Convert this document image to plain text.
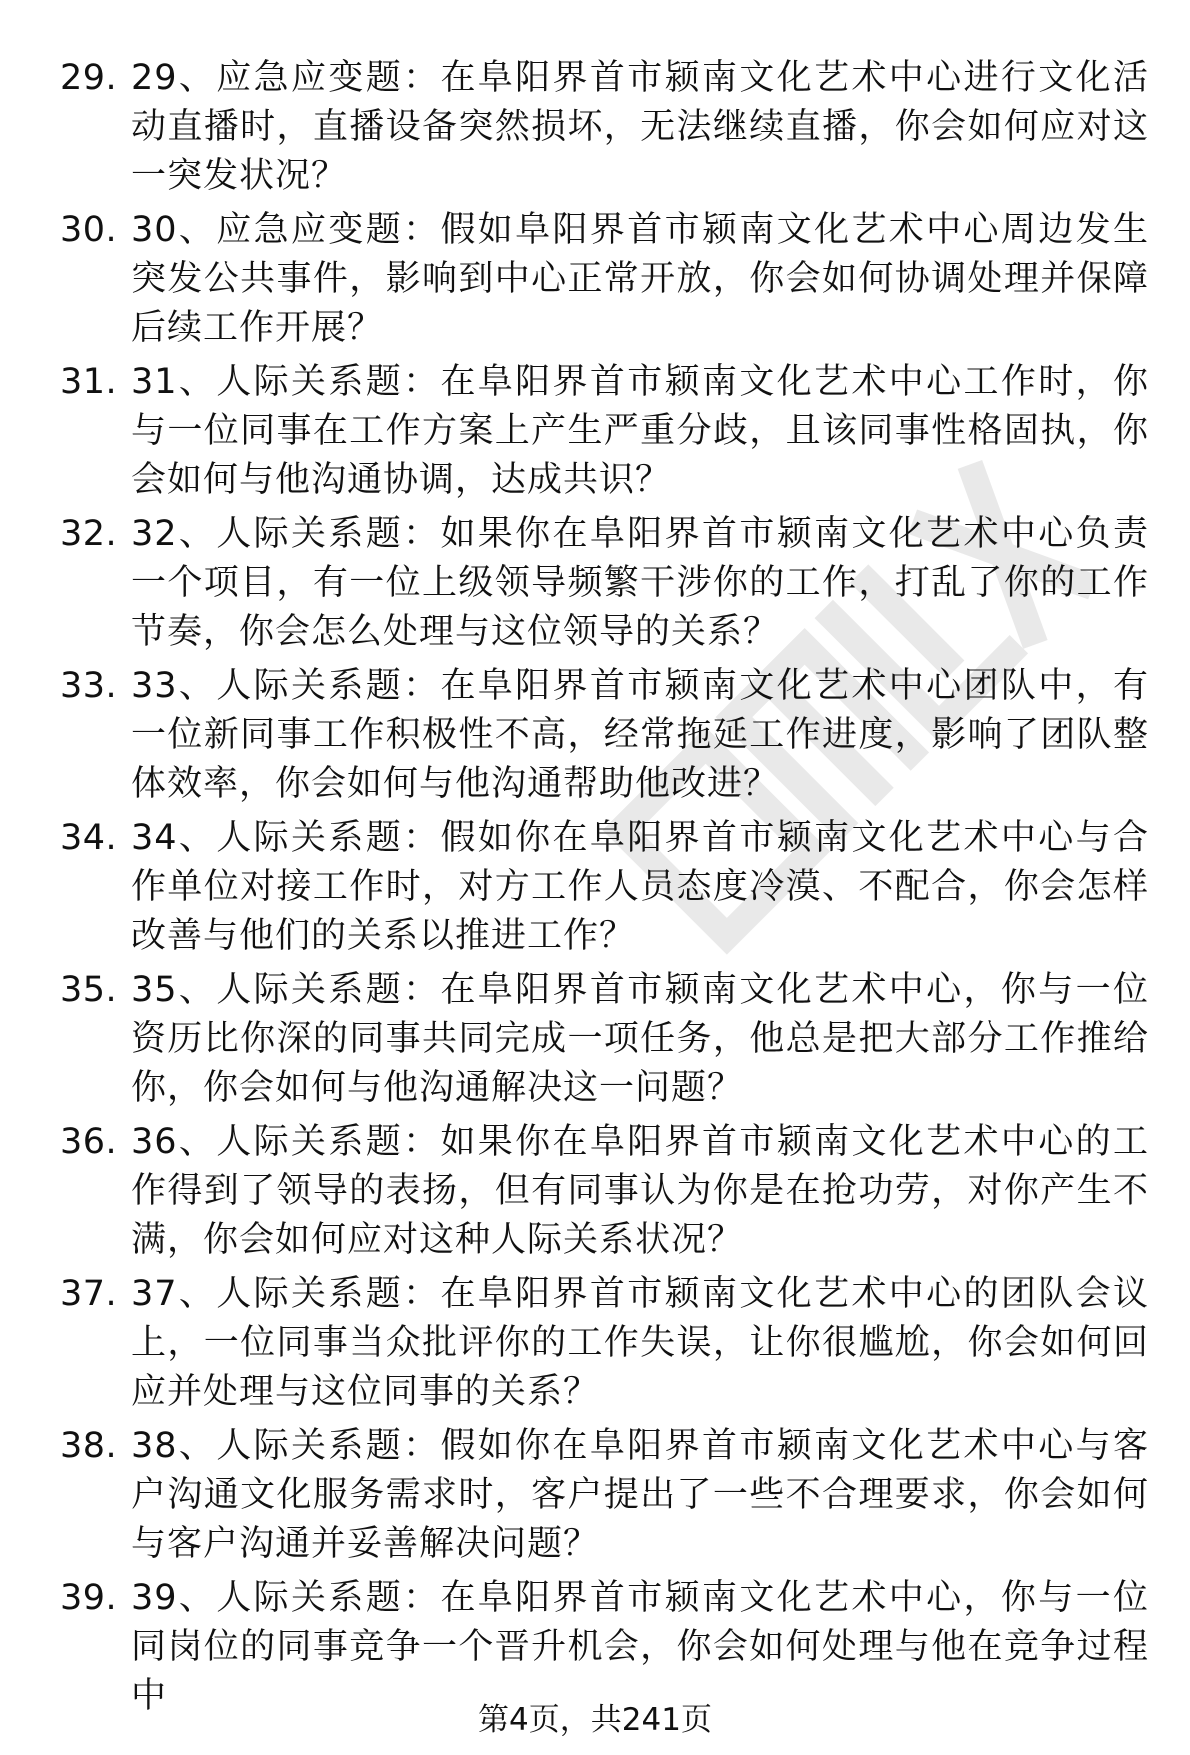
29. 29、应急应变题：在阜阳界首市颍南文化艺术中心进行文化活动直播时，直播设备突然损坏，无法继续直播，你会如何应对这一突发状况？
30. 30、应急应变题：假如阜阳界首市颍南文化艺术中心周边发生突发公共事件，影响到中心正常开放，你会如何协调处理并保障后续工作开展？
31. 31、人际关系题：在阜阳界首市颍南文化艺术中心工作时，你与一位同事在工作方案上产生严重分歧，且该同事性格固执，你会如何与他沟通协调，达成共识？
32. 32、人际关系题：如果你在阜阳界首市颍南文化艺术中心负责一个项目，有一位上级领导频繁干涉你的工作，打乱了你的工作节奏，你会怎么处理与这位领导的关系？
33. 33、人际关系题：在阜阳界首市颍南文化艺术中心团队中，有一位新同事工作积极性不高，经常拖延工作进度，影响了团队整体效率，你会如何与他沟通帮助他改进？
34. 34、人际关系题：假如你在阜阳界首市颍南文化艺术中心与合作单位对接工作时，对方工作人员态度冷漠、不配合，你会怎样改善与他们的关系以推进工作？
35. 35、人际关系题：在阜阳界首市颍南文化艺术中心，你与一位资历比你深的同事共同完成一项任务，他总是把大部分工作推给你，你会如何与他沟通解决这一问题？
36. 36、人际关系题：如果你在阜阳界首市颍南文化艺术中心的工作得到了领导的表扬，但有同事认为你是在抢功劳，对你产生不满，你会如何应对这种人际关系状况？
37. 37、人际关系题：在阜阳界首市颍南文化艺术中心的团队会议上，一位同事当众批评你的工作失误，让你很尴尬，你会如何回应并处理与这位同事的关系？
38. 38、人际关系题：假如你在阜阳界首市颍南文化艺术中心与客户沟通文化服务需求时，客户提出了一些不合理要求，你会如何与客户沟通并妥善解决问题？
39. 39、人际关系题：在阜阳界首市颍南文化艺术中心，你与一位同岗位的同事竞争一个晋升机会，你会如何处理与他在竞争过程中
第4页，共241页
